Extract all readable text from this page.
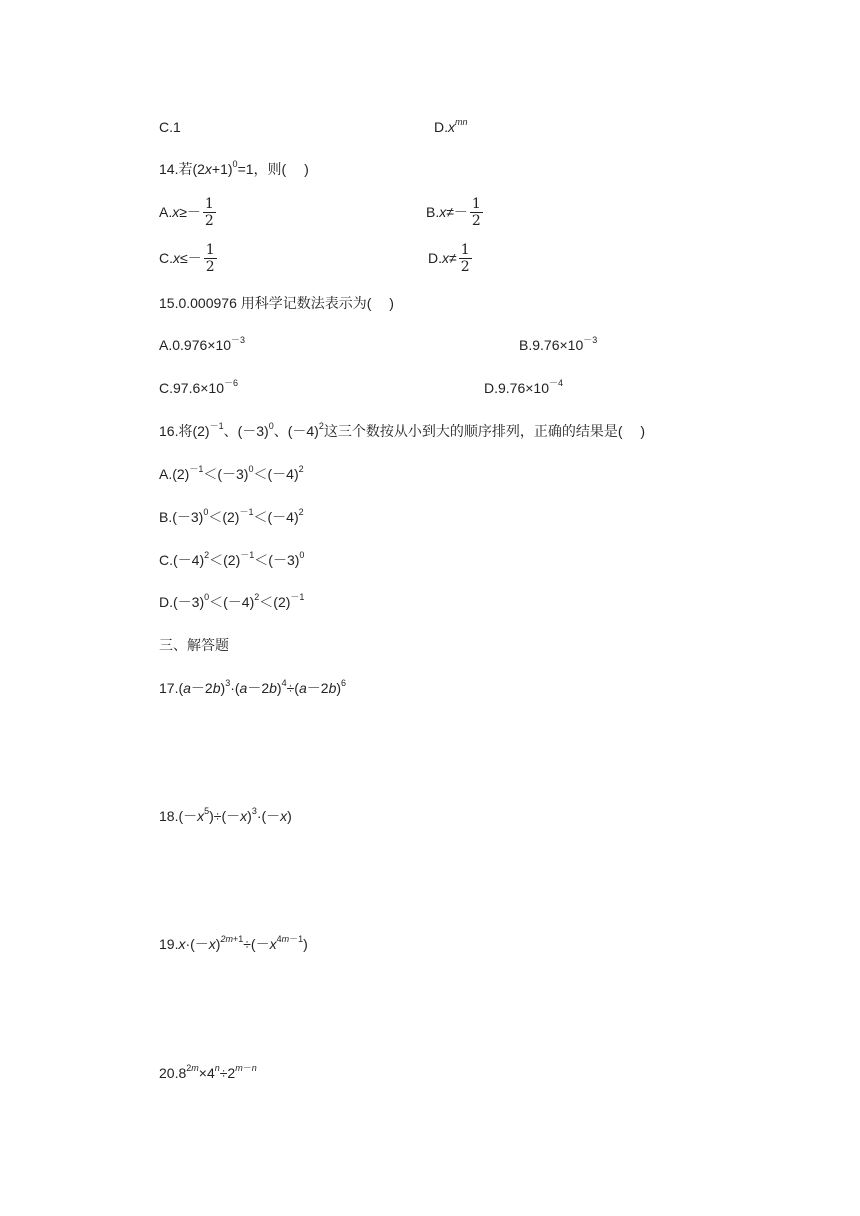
C.1	$D.x^{mn}$
14.若$(2x+1)^0=1$，则(　 )
A. $x \ge- \frac{1}{2}$	B. $x \ne- \frac{1}{2}$
C. $x \le- \frac{1}{2}$	D. $x \ne \frac{1}{2}$
15.0.000976 用科学记数法表示为(　 )
$A.0.976\times 10^{-3}$	$B.9.76\times 10^{-3}$
$C.97.6\times 10^{-6}$	$D.9.76\times 10^{-4}$
16.将$(2)^{-1}$、$(-3)^0$、$(-4)^2$这三个数按从小到大的顺序排列，正确的结果是(　 )
$A.(2)^{-1}<(-3)^0<(-4)^2$
$B.(-3)^0<(2)^{-1}<(-4)^2$
$C.(-4)^2<(2)^{-1}<(-3)^0$
$D.(-3)^0<(-4)^2<(2)^{-1}$
三、解答题
$17.(a-2b)^3\cdot(a-2b)^4\div(a-2b)^6$
$18.(-x^5)\div(-x)^3\cdot(-x)$
$19.x\cdot(-x)^{2m+1}\div(-x^{4m-1})$
$20.8^{2m}\times 4^n\div 2^{m-n}$
